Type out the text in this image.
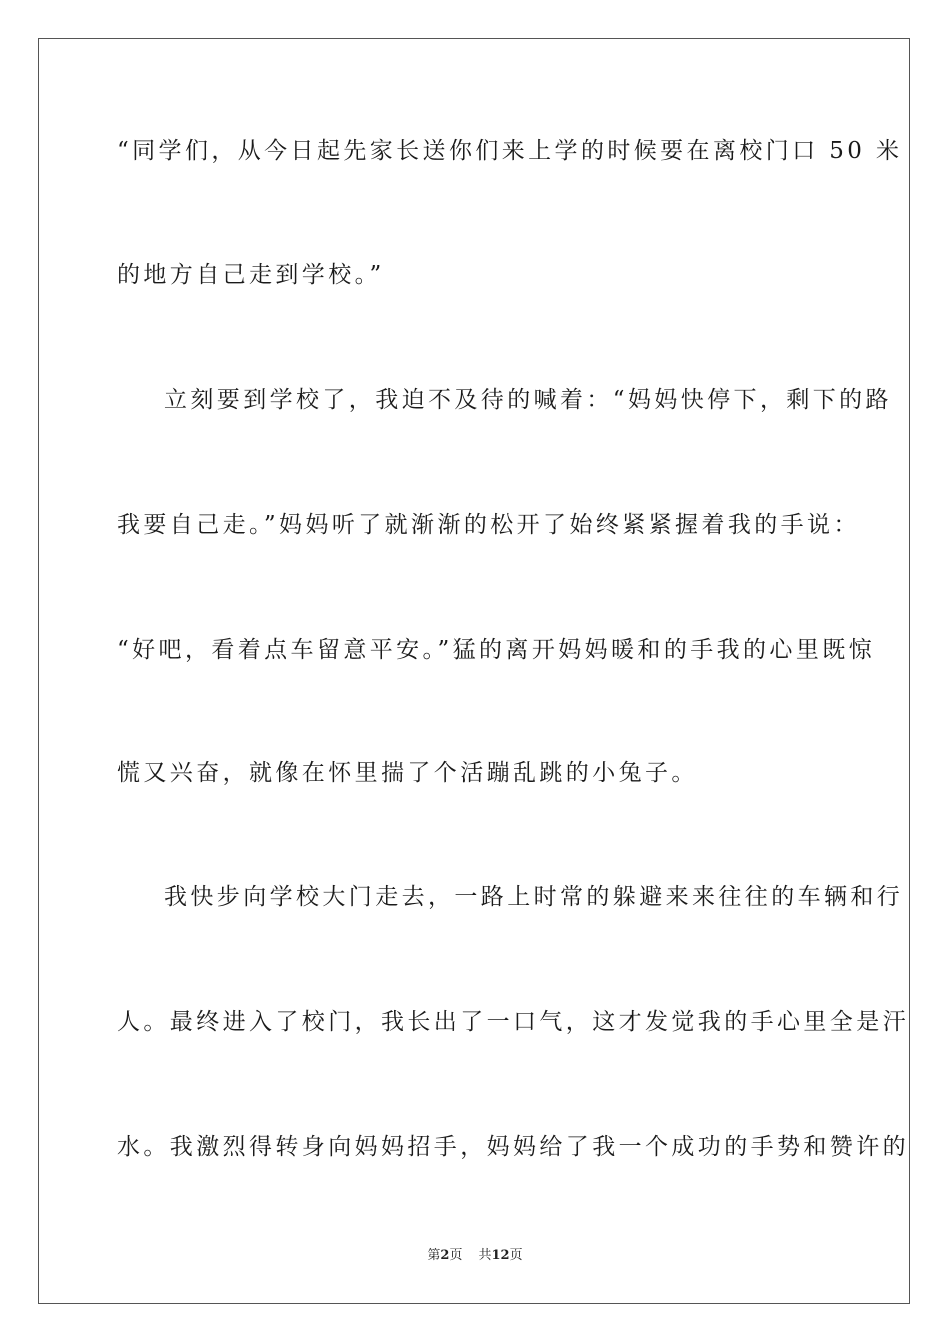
“同学们，从今日起先家长送你们来上学的时候要在离校门口 50 米
的地方自己走到学校。”
立刻要到学校了，我迫不及待的喊着：“妈妈快停下，剩下的路
我要自己走。”妈妈听了就渐渐的松开了始终紧紧握着我的手说：
“好吧，看着点车留意平安。”猛的离开妈妈暖和的手我的心里既惊
慌又兴奋，就像在怀里揣了个活蹦乱跳的小兔子。
我快步向学校大门走去，一路上时常的躲避来来往往的车辆和行
人。最终进入了校门，我长出了一口气，这才发觉我的手心里全是汗
水。我激烈得转身向妈妈招手，妈妈给了我一个成功的手势和赞许的
第2页 共12页
